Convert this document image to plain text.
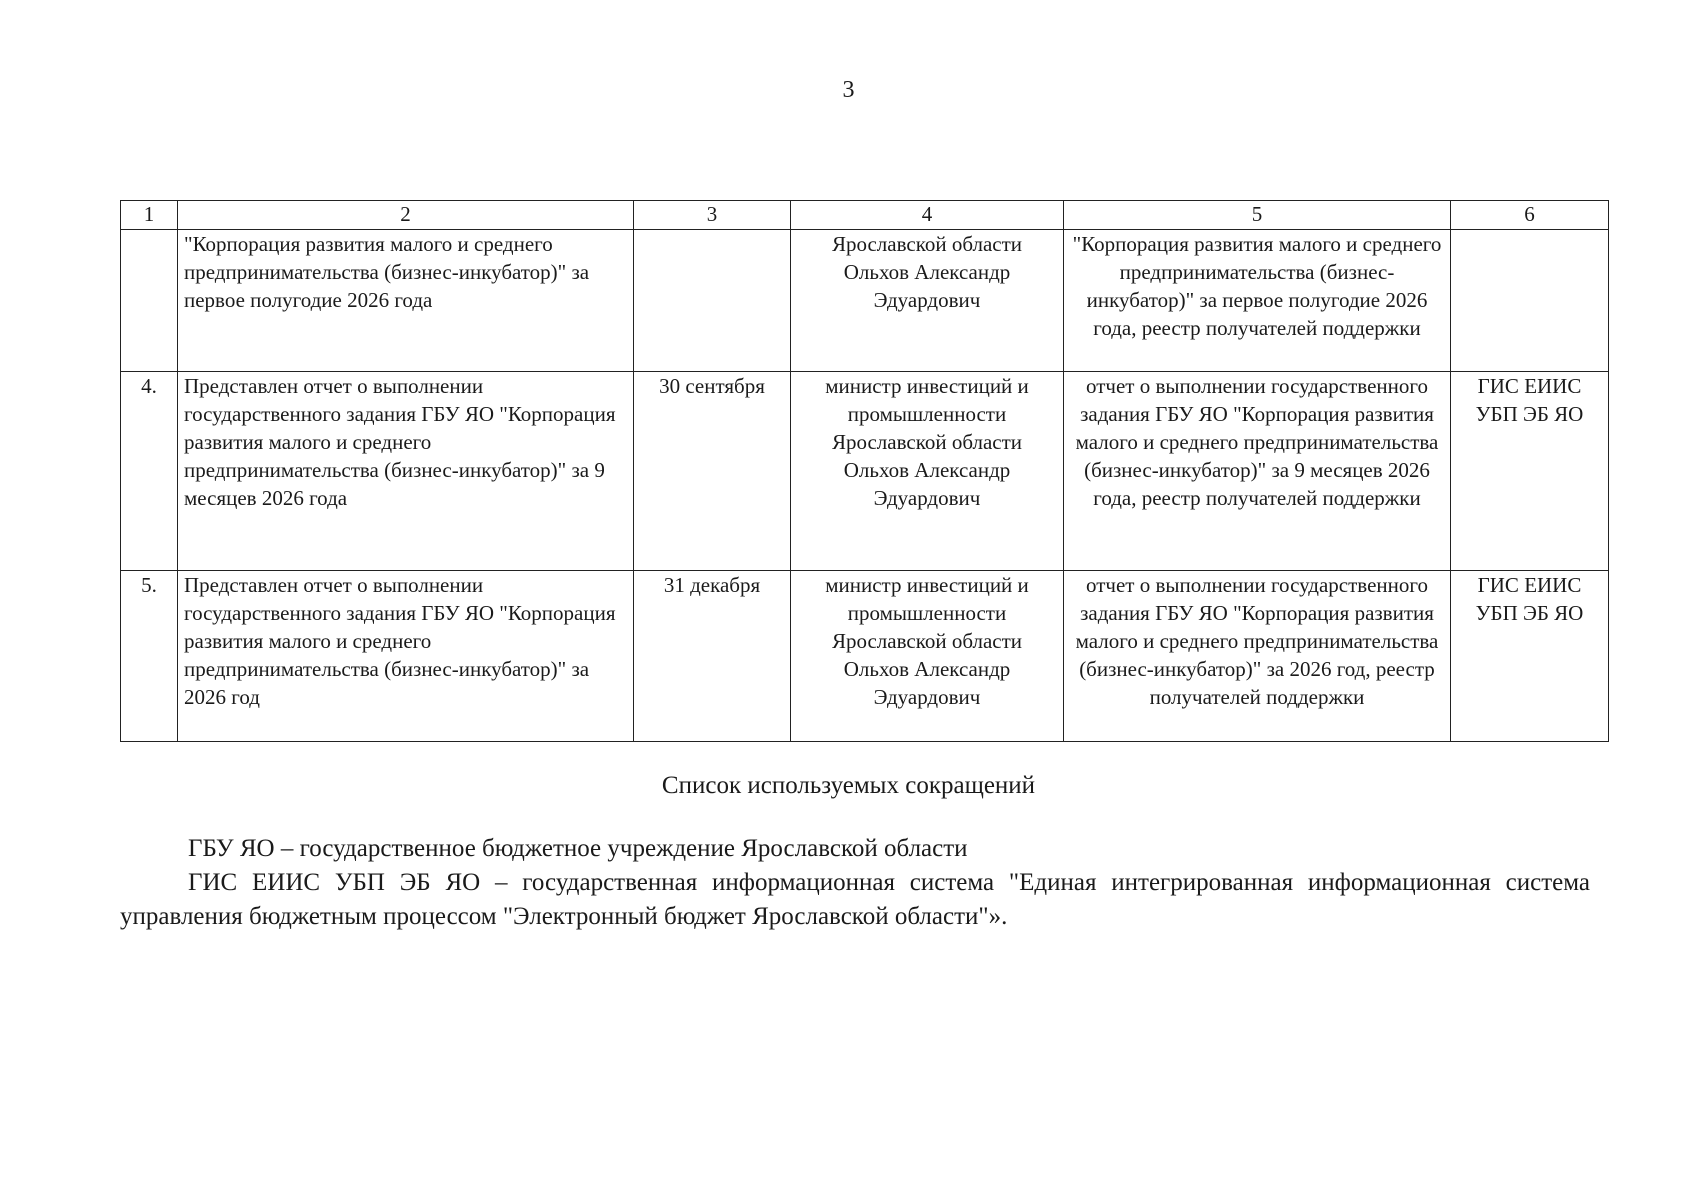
3
1	2	3	4	5	6
	"Корпорация развития малого и среднего предпринимательства (бизнес-инкубатор)" за первое полугодие 2026 года		Ярославской области Ольхов Александр Эдуардович	"Корпорация развития малого и среднего предпринимательства (бизнес-инкубатор)" за первое полугодие 2026 года, реестр получателей поддержки	
4.	Представлен отчет о выполнении государственного задания ГБУ ЯО "Корпорация развития малого и среднего предпринимательства (бизнес-инкубатор)" за 9 месяцев 2026 года	30 сентября	министр инвестиций и промышленности Ярославской области Ольхов Александр Эдуардович	отчет о выполнении государственного задания ГБУ ЯО "Корпорация развития малого и среднего предпринимательства (бизнес-инкубатор)" за 9 месяцев 2026 года, реестр получателей поддержки	ГИС ЕИИС УБП ЭБ ЯО
5.	Представлен отчет о выполнении государственного задания ГБУ ЯО "Корпорация развития малого и среднего предпринимательства (бизнес-инкубатор)" за 2026 год	31 декабря	министр инвестиций и промышленности Ярославской области Ольхов Александр Эдуардович	отчет о выполнении государственного задания ГБУ ЯО "Корпорация развития малого и среднего предпринимательства (бизнес-инкубатор)" за 2026 год, реестр получателей поддержки	ГИС ЕИИС УБП ЭБ ЯО
Список используемых сокращений

ГБУ ЯО – государственное бюджетное учреждение Ярославской области

ГИС ЕИИС УБП ЭБ ЯО – государственная информационная система "Единая интегрированная информационная система управления бюджетным процессом "Электронный бюджет Ярославской области"».
